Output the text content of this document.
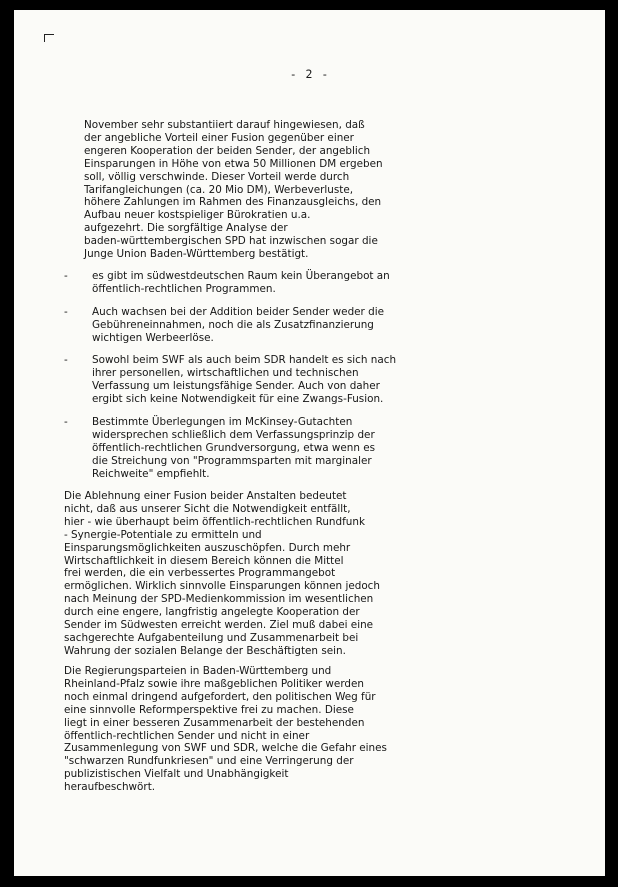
- 2 -
November sehr substantiiert darauf hingewiesen, daß
der angebliche Vorteil einer Fusion gegenüber einer
engeren Kooperation der beiden Sender, der angeblich
Einsparungen in Höhe von etwa 50 Millionen DM ergeben
soll, völlig verschwinde. Dieser Vorteil werde durch
Tarifangleichungen (ca. 20 Mio DM), Werbeverluste,
höhere Zahlungen im Rahmen des Finanzausgleichs, den
Aufbau neuer kostspieliger Bürokratien u.a.
aufgezehrt. Die sorgfältige Analyse der
baden-württembergischen SPD hat inzwischen sogar die
Junge Union Baden-Württemberg bestätigt.
- es gibt im südwestdeutschen Raum kein Überangebot an
öffentlich-rechtlichen Programmen.
- Auch wachsen bei der Addition beider Sender weder die
Gebühreneinnahmen, noch die als Zusatzfinanzierung
wichtigen Werbeerlöse.
- Sowohl beim SWF als auch beim SDR handelt es sich nach
ihrer personellen, wirtschaftlichen und technischen
Verfassung um leistungsfähige Sender. Auch von daher
ergibt sich keine Notwendigkeit für eine Zwangs-Fusion.
- Bestimmte Überlegungen im McKinsey-Gutachten
widersprechen schließlich dem Verfassungsprinzip der
öffentlich-rechtlichen Grundversorgung, etwa wenn es
die Streichung von "Programmsparten mit marginaler
Reichweite" empfiehlt.
Die Ablehnung einer Fusion beider Anstalten bedeutet
nicht, daß aus unserer Sicht die Notwendigkeit entfällt,
hier - wie überhaupt beim öffentlich-rechtlichen Rundfunk
- Synergie-Potentiale zu ermitteln und
Einsparungsmöglichkeiten auszuschöpfen. Durch mehr
Wirtschaftlichkeit in diesem Bereich können die Mittel
frei werden, die ein verbessertes Programmangebot
ermöglichen. Wirklich sinnvolle Einsparungen können jedoch
nach Meinung der SPD-Medienkommission im wesentlichen
durch eine engere, langfristig angelegte Kooperation der
Sender im Südwesten erreicht werden. Ziel muß dabei eine
sachgerechte Aufgabenteilung und Zusammenarbeit bei
Wahrung der sozialen Belange der Beschäftigten sein.
Die Regierungsparteien in Baden-Württemberg und
Rheinland-Pfalz sowie ihre maßgeblichen Politiker werden
noch einmal dringend aufgefordert, den politischen Weg für
eine sinnvolle Reformperspektive frei zu machen. Diese
liegt in einer besseren Zusammenarbeit der bestehenden
öffentlich-rechtlichen Sender und nicht in einer
Zusammenlegung von SWF und SDR, welche die Gefahr eines
"schwarzen Rundfunkriesen" und eine Verringerung der
publizistischen Vielfalt und Unabhängigkeit
heraufbeschwört.
